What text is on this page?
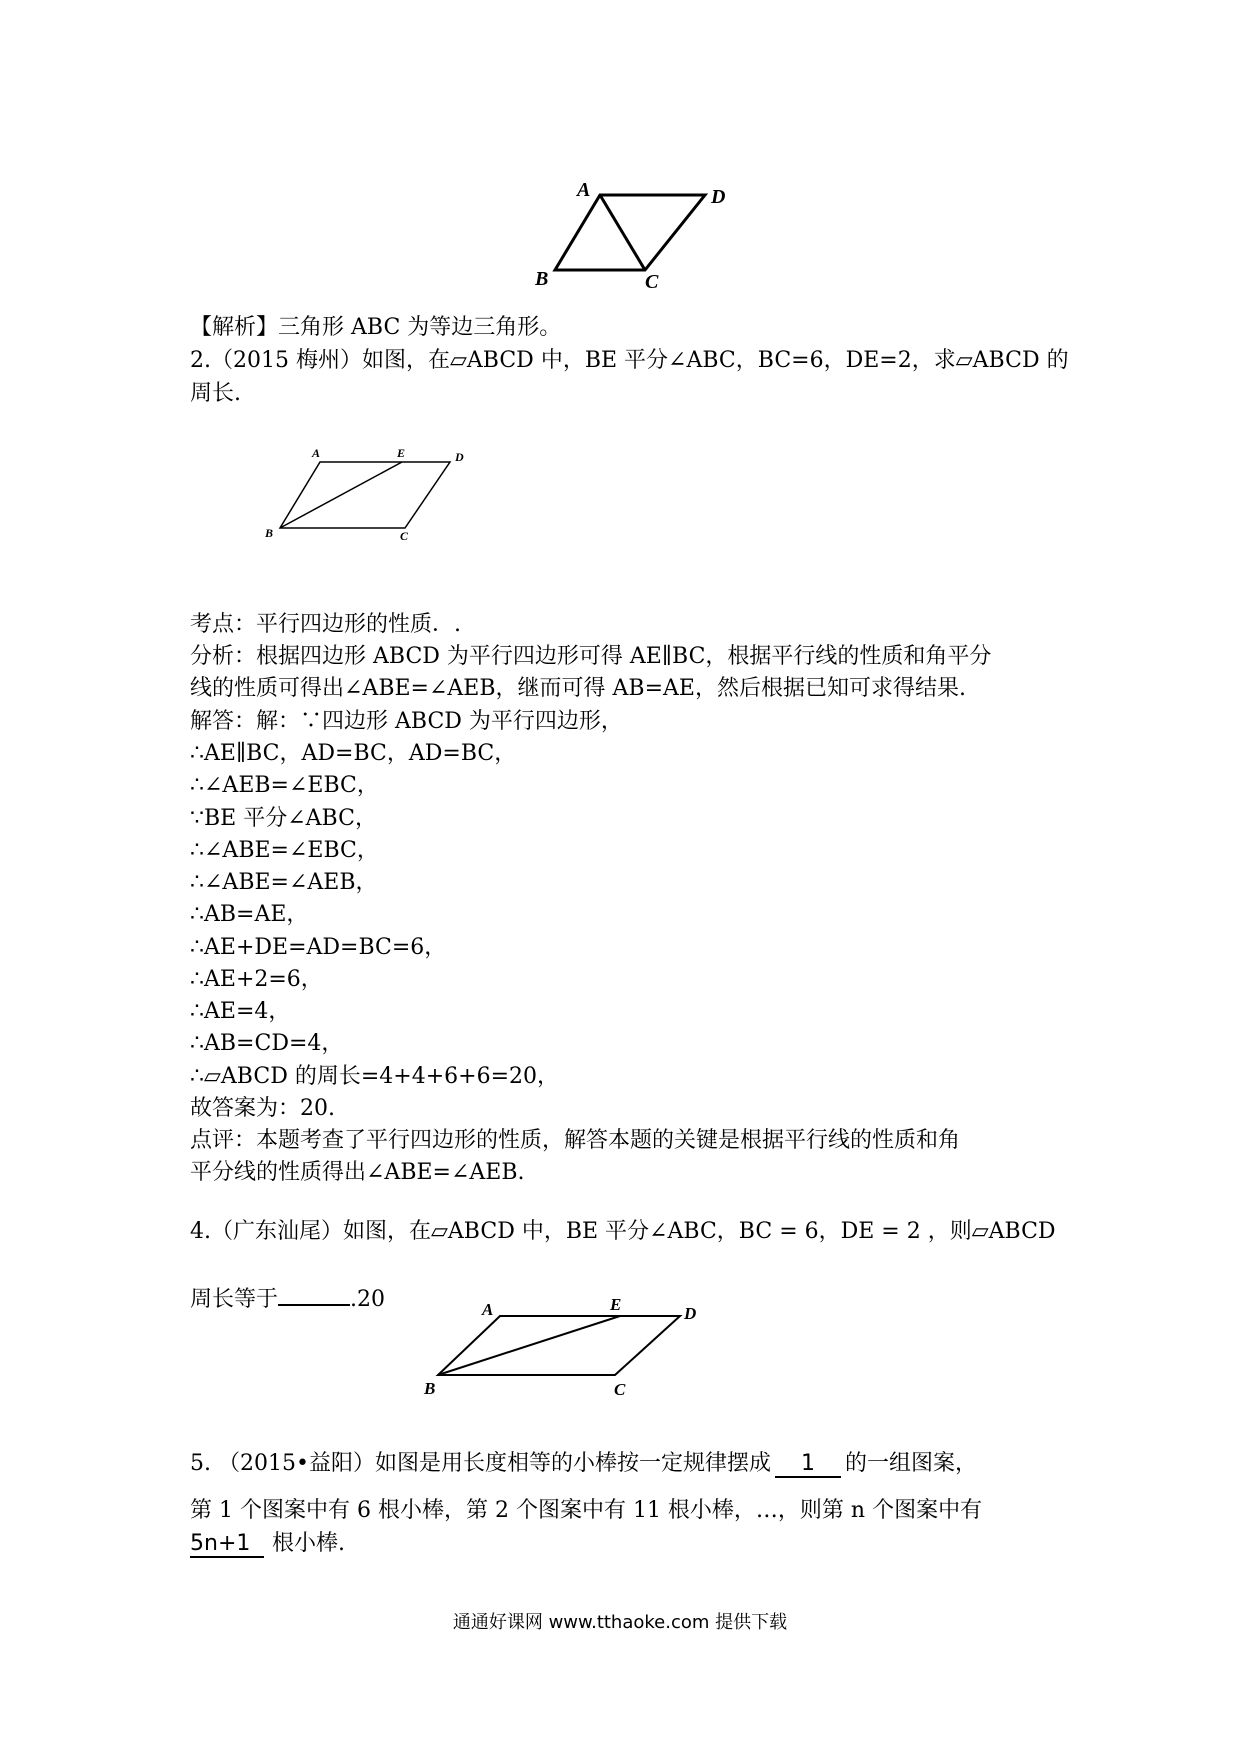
A	D
B	C
【解析】三角形 ABC 为等边三角形。
2.（2015 梅州）如图，在▱ABCD 中，BE 平分∠ABC，BC=6，DE=2，求▱ABCD 的
周长.
A	E	D
B	C
考点：平行四边形的性质．.
分析：根据四边形 ABCD 为平行四边形可得 AE∥BC，根据平行线的性质和角平分
线的性质可得出∠ABE=∠AEB，继而可得 AB=AE，然后根据已知可求得结果.
解答：解：∵四边形 ABCD 为平行四边形，
∴AE∥BC，AD=BC，AD=BC，
∴∠AEB=∠EBC，
∵BE 平分∠ABC，
∴∠ABE=∠EBC，
∴∠ABE=∠AEB，
∴AB=AE，
∴AE+DE=AD=BC=6，
∴AE+2=6，
∴AE=4，
∴AB=CD=4，
∴▱ABCD 的周长=4+4+6+6=20，
故答案为：20.
点评：本题考查了平行四边形的性质，解答本题的关键是根据平行线的性质和角
平分线的性质得出∠ABE=∠AEB.
4.（广东汕尾）如图，在▱ABCD 中，BE 平分∠ABC，BC = 6，DE = 2 ，则▱ABCD
周长等于	.20	A	E	D
B	C
5. （2015•益阳）如图是用长度相等的小棒按一定规律摆成 1 的一组图案，
第 1 个图案中有 6 根小棒，第 2 个图案中有 11 根小棒，…，则第 n 个图案中有
5n+1 根小棒.
通通好课网 www.tthaoke.com 提供下载
